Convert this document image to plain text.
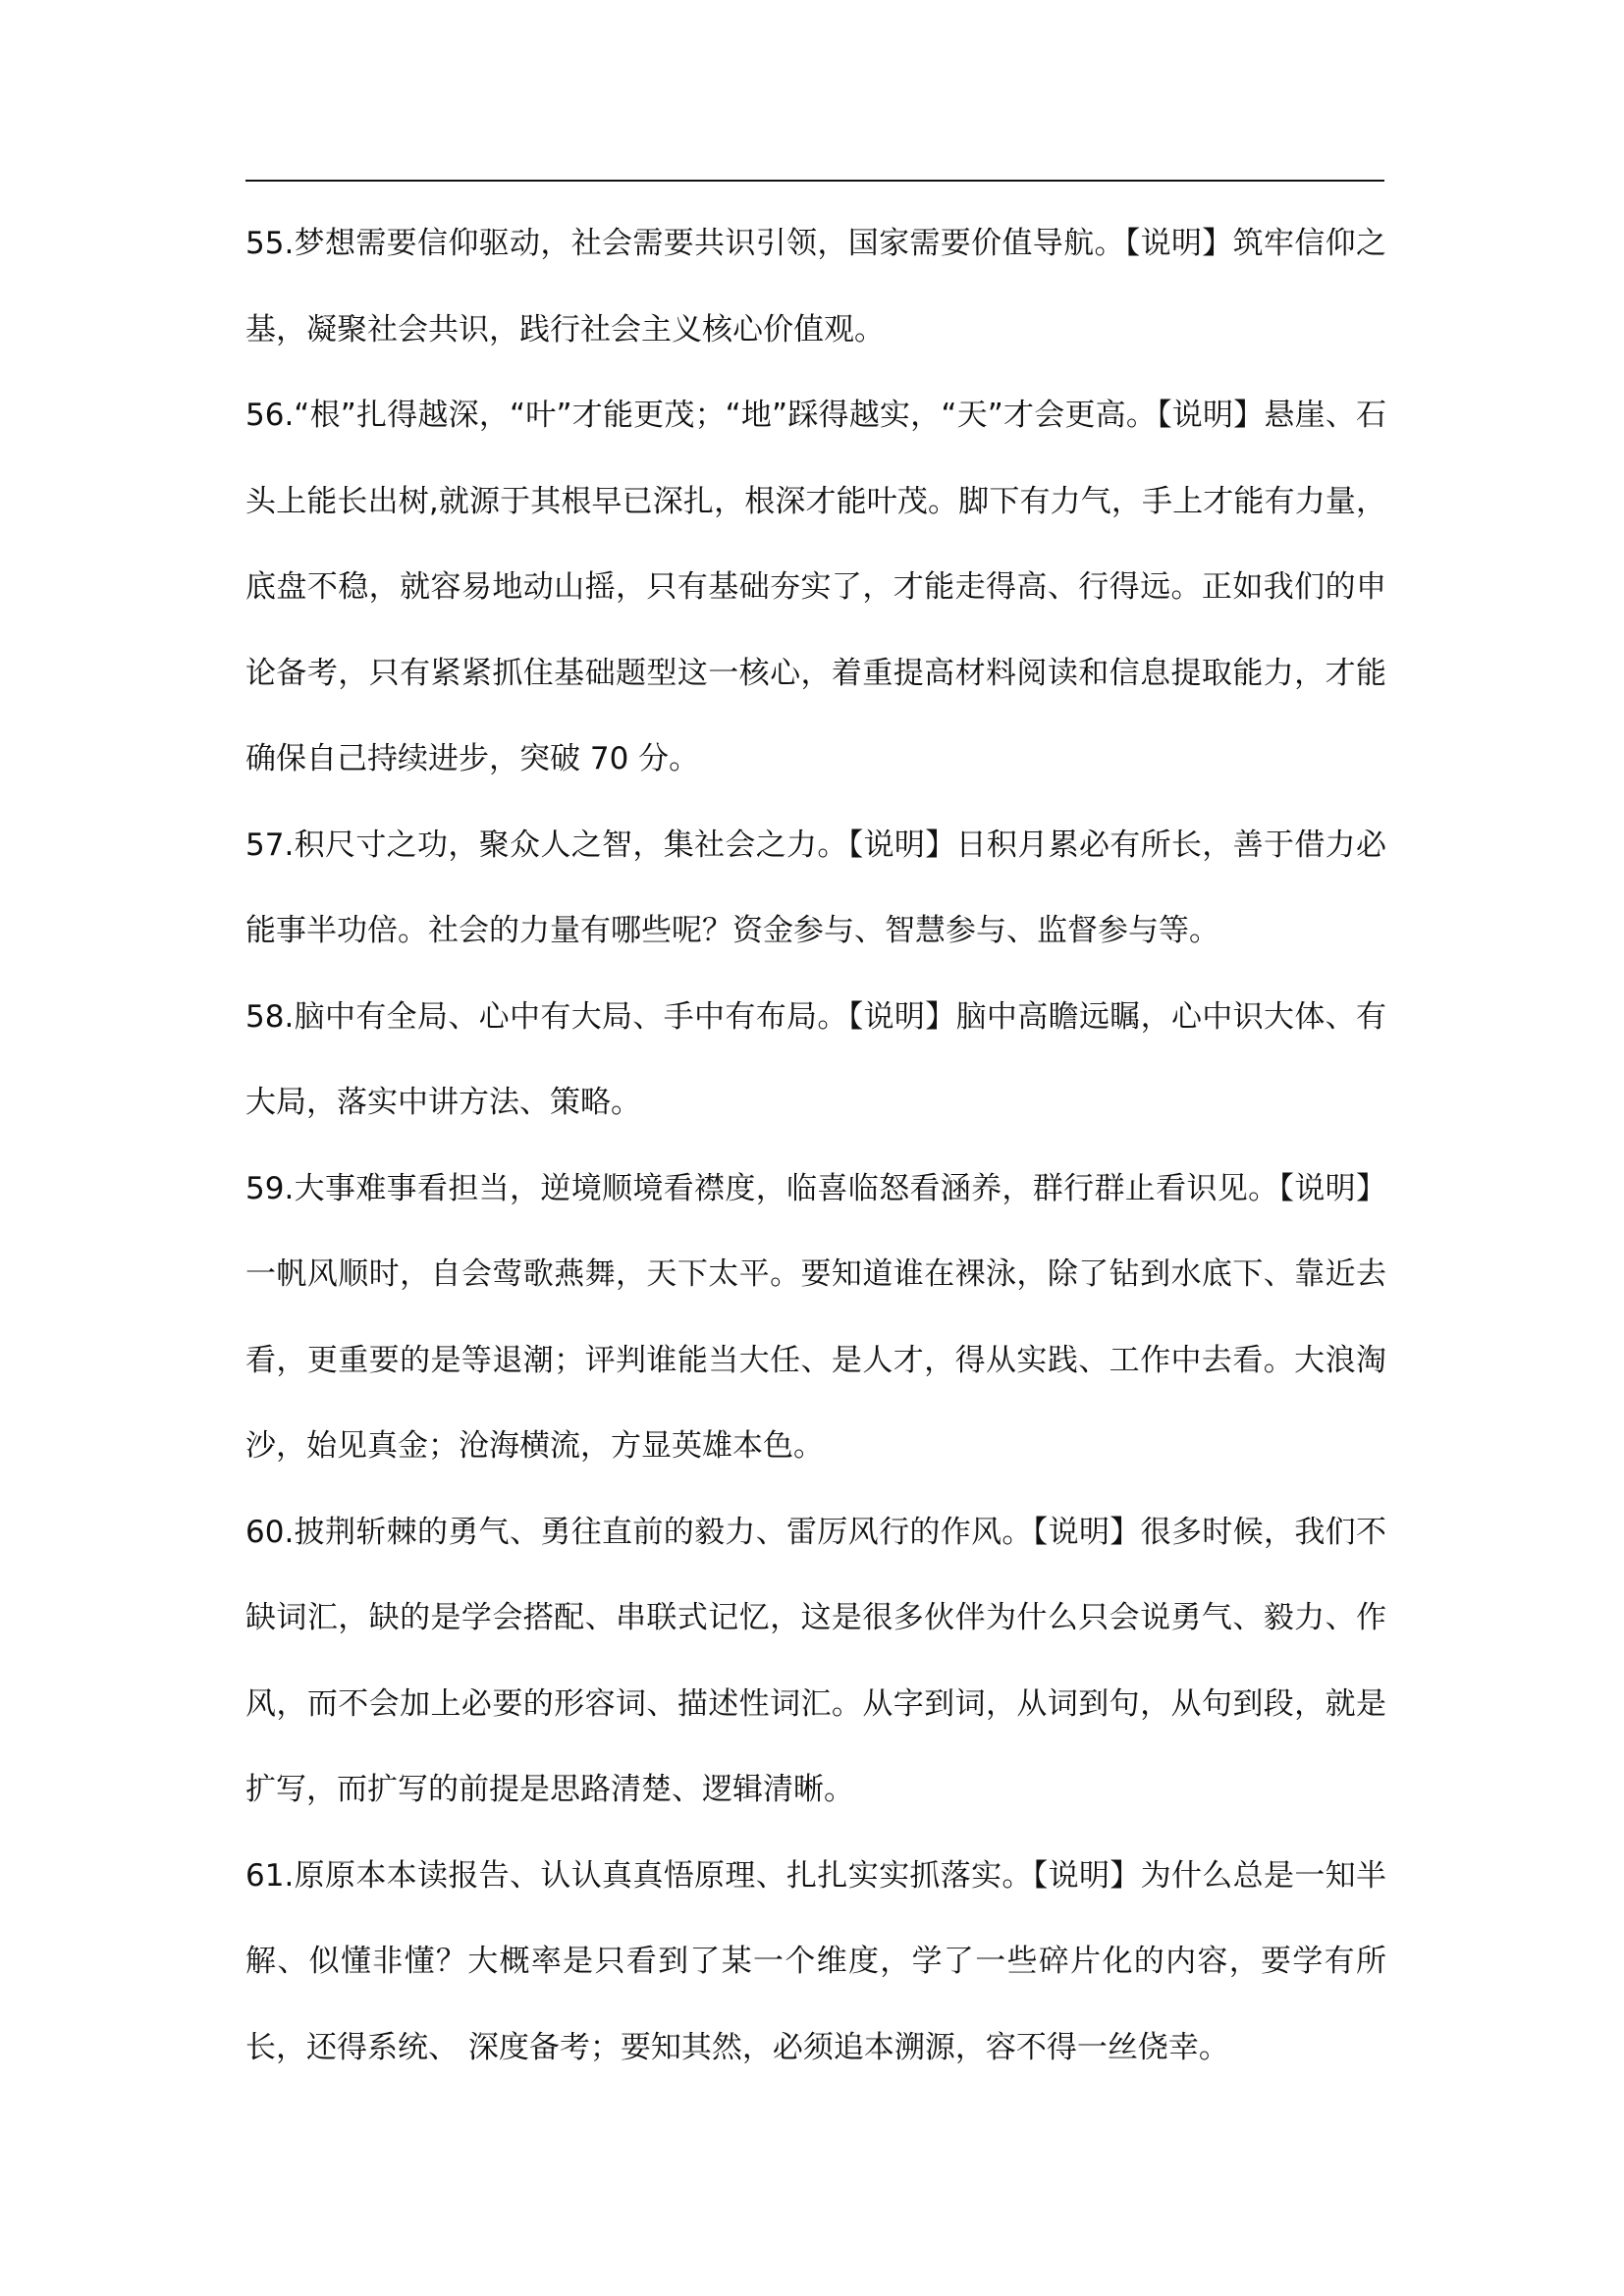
55.梦想需要信仰驱动，社会需要共识引领，国家需要价值导航。【说明】筑牢信仰之基，凝聚社会共识，践行社会主义核心价值观。

56.“根”扎得越深，“叶”才能更茂；“地”踩得越实，“天”才会更高。【说明】悬崖、石头上能长出树,就源于其根早已深扎，根深才能叶茂。脚下有力气，手上才能有力量，底盘不稳，就容易地动山摇，只有基础夯实了，才能走得高、行得远。正如我们的申论备考，只有紧紧抓住基础题型这一核心，着重提高材料阅读和信息提取能力，才能确保自己持续进步，突破 70 分。

57.积尺寸之功，聚众人之智，集社会之力。【说明】日积月累必有所长，善于借力必能事半功倍。社会的力量有哪些呢？资金参与、智慧参与、监督参与等。

58.脑中有全局、心中有大局、手中有布局。【说明】脑中高瞻远瞩，心中识大体、有大局，落实中讲方法、策略。

59.大事难事看担当，逆境顺境看襟度，临喜临怒看涵养，群行群止看识见。【说明】一帆风顺时，自会莺歌燕舞，天下太平。要知道谁在裸泳，除了钻到水底下、靠近去看，更重要的是等退潮；评判谁能当大任、是人才，得从实践、工作中去看。大浪淘沙，始见真金；沧海横流，方显英雄本色。

60.披荆斩棘的勇气、勇往直前的毅力、雷厉风行的作风。【说明】很多时候，我们不缺词汇，缺的是学会搭配、串联式记忆，这是很多伙伴为什么只会说勇气、毅力、作风，而不会加上必要的形容词、描述性词汇。从字到词，从词到句，从句到段，就是扩写，而扩写的前提是思路清楚、逻辑清晰。

61.原原本本读报告、认认真真悟原理、扎扎实实抓落实。【说明】为什么总是一知半解、似懂非懂？大概率是只看到了某一个维度，学了一些碎片化的内容，要学有所长，还得系统、 深度备考；要知其然，必须追本溯源，容不得一丝侥幸。
